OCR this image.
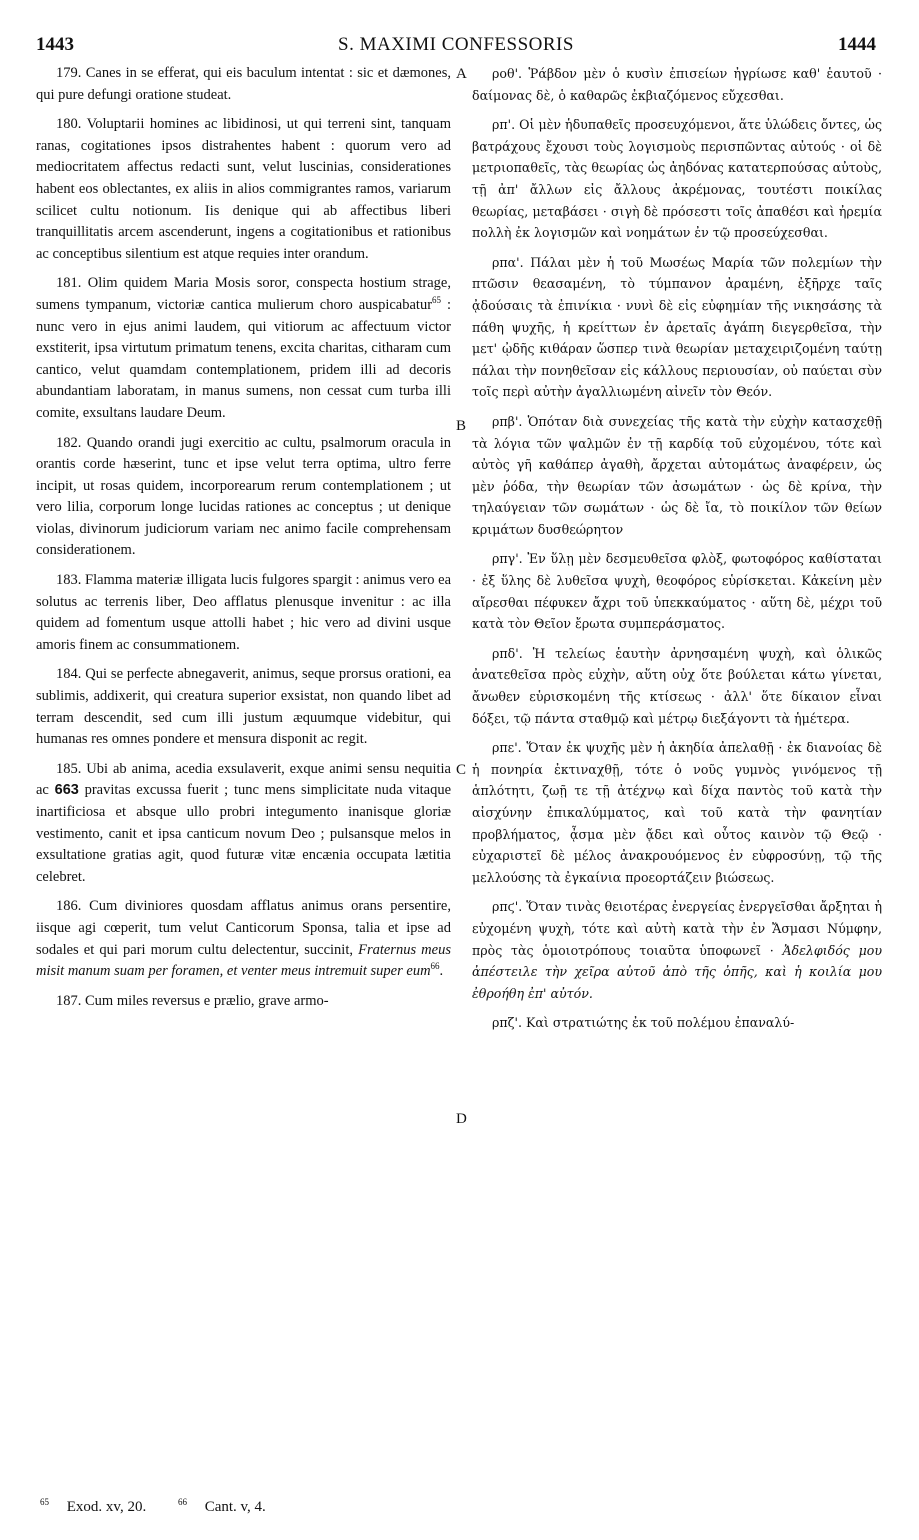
1443	S. MAXIMI CONFESSORIS	1444
A
B
C
D

179. Canes in se efferat, qui eis baculum intentat : sic et dæmones, qui pure defungi oratione studeat.

180. Voluptarii homines ac libidinosi, ut qui terreni sint, tanquam ranas, cogitationes ipsos distrahentes habent : quorum vero ad mediocritatem affectus redacti sunt, velut luscinias, considerationes habent eos oblectantes, ex aliis in alios commigrantes ramos, variarum scilicet cultu notionum. Iis denique qui ab affectibus liberi tranquillitatis arcem ascenderunt, ingens a cogitationibus et rationibus ac conceptibus silentium est atque requies inter orandum.

181. Olim quidem Maria Mosis soror, conspecta hostium strage, sumens tympanum, victoriæ cantica mulierum choro auspicabatur$^{65}$ : nunc vero in ejus animi laudem, qui vitiorum ac affectuum victor exstiterit, ipsa virtutum primatum tenens, excita charitas, citharam cum cantico, velut quamdam contemplationem, pridem illi ad decoris abundantiam laboratam, in manus sumens, non cessat cum turba illi comite, exsultans laudare Deum.

182. Quando orandi jugi exercitio ac cultu, psalmorum oracula in orantis corde hæserint, tunc et ipse velut terra optima, ultro ferre incipit, ut rosas quidem, incorporearum rerum contemplationem ; ut vero lilia, corporum longe lucidas rationes ac conceptus ; ut denique violas, divinorum judiciorum variam nec animo facile comprehensam considerationem.

183. Flamma materiæ illigata lucis fulgores spargit : animus vero ea solutus ac terrenis liber, Deo afflatus plenusque invenitur : ac illa quidem ad fomentum usque attolli habet ; hic vero ad divini usque amoris finem ac consummationem.

184. Qui se perfecte abnegaverit, animus, seque prorsus orationi, ea sublimis, addixerit, qui creatura superior exsistat, non quando libet ad terram descendit, sed cum illi justum æquumque videbitur, qui humanas res omnes pondere et mensura disponit ac regit.

185. Ubi ab anima, acedia exsulaverit, exque animi sensu nequitia ac 663 pravitas excussa fuerit ; tunc mens simplicitate nuda vitaque inartificiosa et absque ullo probri integumento inanisque gloriæ vestimento, canit et ipsa canticum novum Deo ; pulsansque melos in exsultatione gratias agit, quod futuræ vitæ encænia occupata lætitia celebret.

186. Cum diviniores quosdam afflatus animus orans persentire, iisque agi cœperit, tum velut Canticorum Sponsa, talia et ipse ad sodales et qui pari morum cultu delectentur, succinit, Fraternus meus misit manum suam per foramen, et venter meus intremuit super eum$^{66}$.

187. Cum miles reversus e prælio, grave armo-

ροθ'. Ῥάβδον μὲν ὁ κυσὶν ἐπισείων ἠγρίωσε καθ' ἑαυτοῦ · δαίμονας δὲ, ὁ καθαρῶς ἐκβιαζόμενος εὔχεσθαι.

ρπ'. Οἱ μὲν ἡδυπαθεῖς προσευχόμενοι, ἅτε ὑλώδεις ὄντες, ὡς βατράχους ἔχουσι τοὺς λογισμοὺς περισπῶντας αὐτούς · οἱ δὲ μετριοπαθεῖς, τὰς θεωρίας ὡς ἀηδόνας κατατερπούσας αὐτοὺς, τῇ ἀπ' ἄλλων εἰς ἄλλους ἀκρέμονας, τουτέστι ποικίλας θεωρίας, μεταβάσει · σιγὴ δὲ πρόσεστι τοῖς ἀπαθέσι καὶ ἠρεμία πολλὴ ἐκ λογισμῶν καὶ νοημάτων ἐν τῷ προσεύχεσθαι.

ρπα'. Πάλαι μὲν ἡ τοῦ Μωσέως Μαρία τῶν πολεμίων τὴν πτῶσιν θεασαμένη, τὸ τύμπανον ἀραμένη, ἐξῆρχε ταῖς ᾀδούσαις τὰ ἐπινίκια · νυνὶ δὲ εἰς εὐφημίαν τῆς νικησάσης τὰ πάθη ψυχῆς, ἡ κρείττων ἐν ἀρεταῖς ἀγάπη διεγερθεῖσα, τὴν μετ' ᾠδῆς κιθάραν ὥσπερ τινὰ θεωρίαν μεταχειριζομένη ταύτῃ πάλαι τὴν πονηθεῖσαν εἰς κάλλους περιουσίαν, οὐ παύεται σὺν τοῖς περὶ αὐτὴν ἀγαλλιωμένη αἰνεῖν τὸν Θεόν.

ρπβ'. Ὁπόταν διὰ συνεχείας τῆς κατὰ τὴν εὐχὴν κατασχεθῇ τὰ λόγια τῶν ψαλμῶν ἐν τῇ καρδίᾳ τοῦ εὐχομένου, τότε καὶ αὐτὸς γῆ καθάπερ ἀγαθὴ, ἄρχεται αὐτομάτως ἀναφέρειν, ὡς μὲν ῥόδα, τὴν θεωρίαν τῶν ἀσωμάτων · ὡς δὲ κρίνα, τὴν τηλαύγειαν τῶν σωμάτων · ὡς δὲ ἴα, τὸ ποικίλον τῶν θείων κριμάτων δυσθεώρητον

ρπγ'. Ἐν ὕλῃ μὲν δεσμευθεῖσα φλὸξ, φωτοφόρος καθίσταται · ἐξ ὕλης δὲ λυθεῖσα ψυχὴ, θεοφόρος εὑρίσκεται. Κἀκείνη μὲν αἴρεσθαι πέφυκεν ἄχρι τοῦ ὑπεκκαύματος · αὕτη δὲ, μέχρι τοῦ κατὰ τὸν Θεῖον ἔρωτα συμπεράσματος.

ρπδ'. Ἡ τελείως ἑαυτὴν ἀρνησαμένη ψυχὴ, καὶ ὁλικῶς ἀνατεθεῖσα πρὸς εὐχὴν, αὕτη οὐχ ὅτε βούλεται κάτω γίνεται, ἄνωθεν εὑρισκομένη τῆς κτίσεως · ἀλλ' ὅτε δίκαιον εἶναι δόξει, τῷ πάντα σταθμῷ καὶ μέτρῳ διεξάγοντι τὰ ἡμέτερα.

ρπε'. Ὅταν ἐκ ψυχῆς μὲν ἡ ἀκηδία ἀπελαθῇ · ἐκ διανοίας δὲ ἡ πονηρία ἐκτιναχθῇ, τότε ὁ νοῦς γυμνὸς γινόμενος τῇ ἁπλότητι, ζωῇ τε τῇ ἀτέχνῳ καὶ δίχα παντὸς τοῦ κατὰ τὴν αἰσχύνην ἐπικαλύμματος, καὶ τοῦ κατὰ τὴν φανητίαν προβλήματος, ᾆσμα μὲν ᾄδει καὶ οὗτος καινὸν τῷ Θεῷ · εὐχαριστεῖ δὲ μέλος ἀνακρουόμενος ἐν εὐφροσύνῃ, τῷ τῆς μελλούσης τὰ ἐγκαίνια προεορτάζειν βιώσεως.

ρπϛ'. Ὅταν τινὰς θειοτέρας ἐνεργείας ἐνεργεῖσθαι ἄρξηται ἡ εὐχομένη ψυχὴ, τότε καὶ αὐτὴ κατὰ τὴν ἐν Ἄσμασι Νύμφην, πρὸς τὰς ὁμοιοτρόπους τοιαῦτα ὑποφωνεῖ · Ἀδελφιδός μου ἀπέστειλε τὴν χεῖρα αὐτοῦ ἀπὸ τῆς ὀπῆς, καὶ ἡ κοιλία μου ἐθροήθη ἐπ' αὐτόν.

ρπζ'. Καὶ στρατιώτης ἐκ τοῦ πολέμου ἐπαναλύ-

$^{65}$ Exod. xv, 20.	$^{66}$ Cant. v, 4.
